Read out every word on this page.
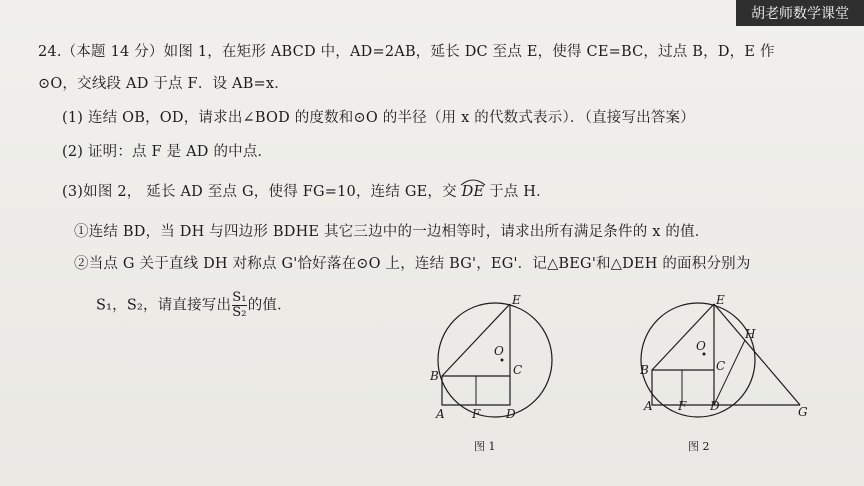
胡老师数学课堂
24.（本题 14 分）如图 1，在矩形 ABCD 中，AD=2AB，延长 DC 至点 E，使得 CE=BC，过点 B，D，E 作
⊙O，交线段 AD 于点 F．设 AB=x．
(1) 连结 OB，OD，请求出∠BOD 的度数和⊙O 的半径（用 x 的代数式表示）．（直接写出答案）
(2) 证明：点 F 是 AD 的中点．
(3)如图 2， 延长 AD 至点 G，使得 FG=10，连结 GE，交
DE 于点 H．
①连结 BD，当 DH 与四边形 BDHE 其它三边中的一边相等时，请求出所有满足条件的 x 的值．
②当点 G 关于直线 DH 对称点 G'恰好落在⊙O 上，连结 BG'，EG'．记△BEG'和△DEH 的面积分别为
S₁，S₂，请直接写出 $\frac{\text{S₁}}{\text{S₂}}$ 的值．	E
O
B	C
A F D
图 1
E
H
O
B	C
A F D	G
图 2
